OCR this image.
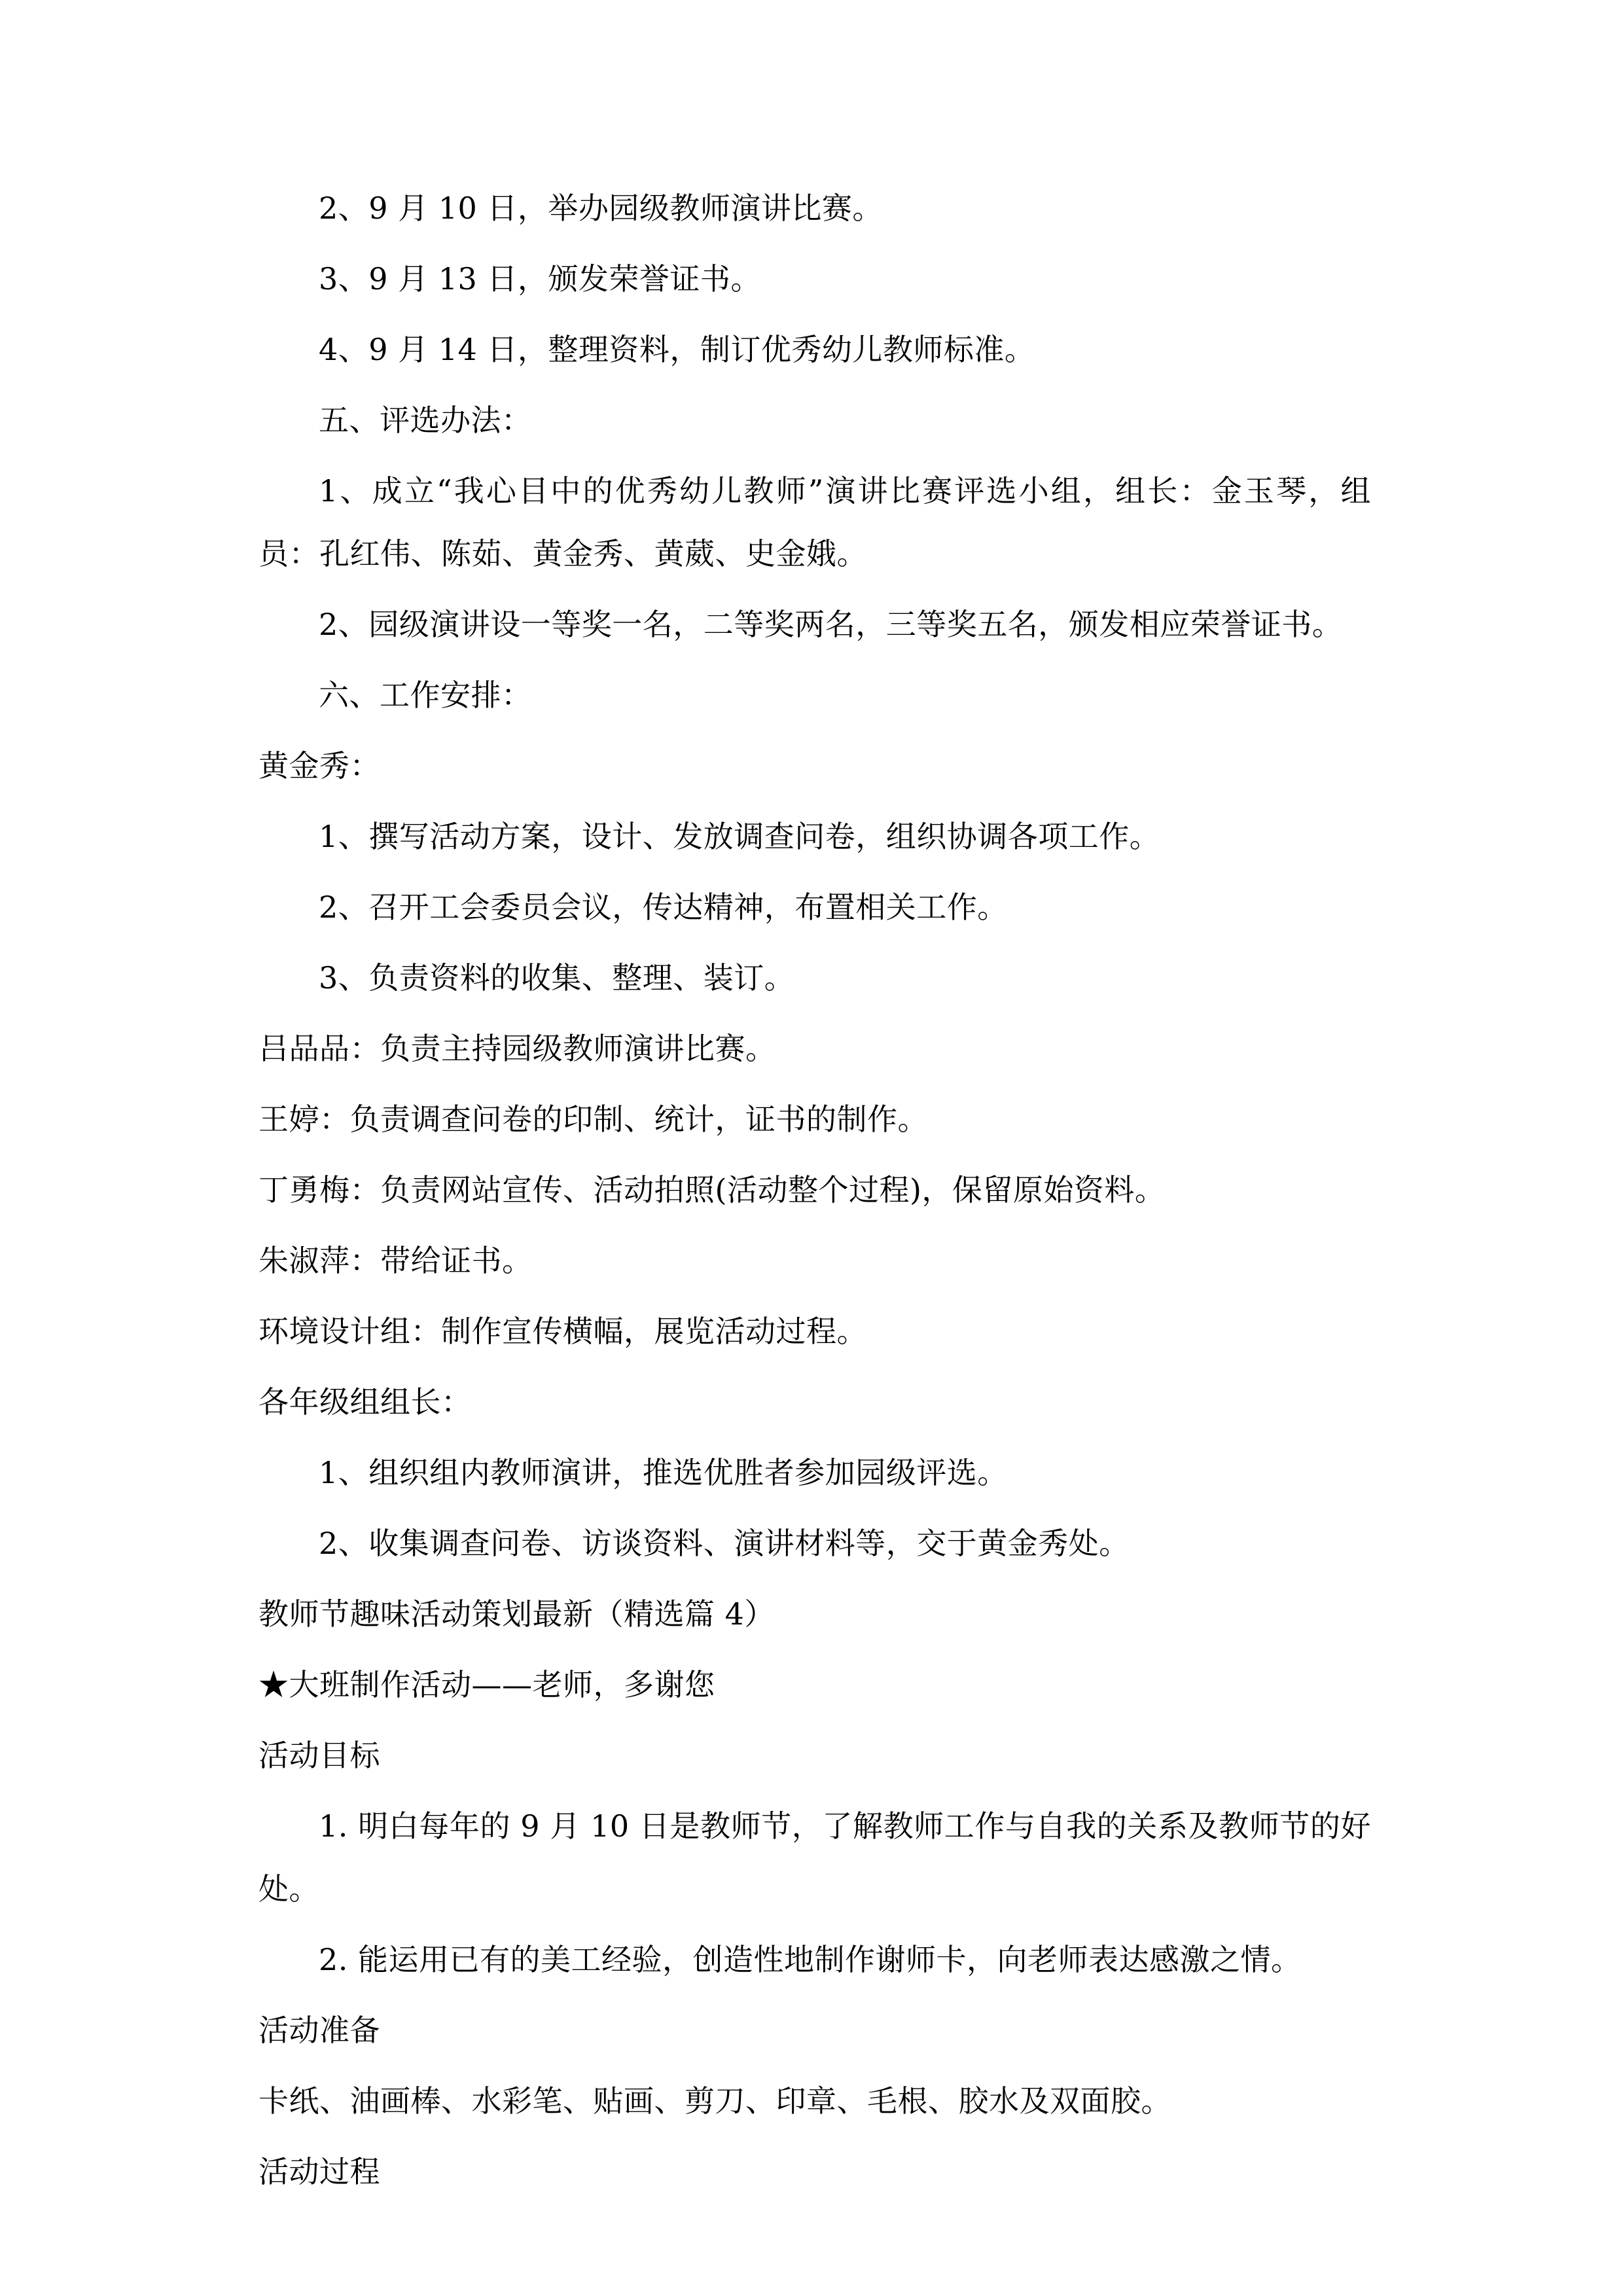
2、9 月 10 日，举办园级教师演讲比赛。

3、9 月 13 日，颁发荣誉证书。

4、9 月 14 日，整理资料，制订优秀幼儿教师标准。

五、评选办法：

1、成立“我心目中的优秀幼儿教师”演讲比赛评选小组，组长：金玉琴，组员：孔红伟、陈茹、黄金秀、黄葳、史金娥。

2、园级演讲设一等奖一名，二等奖两名，三等奖五名，颁发相应荣誉证书。

六、工作安排：

黄金秀：

1、撰写活动方案，设计、发放调查问卷，组织协调各项工作。

2、召开工会委员会议，传达精神，布置相关工作。

3、负责资料的收集、整理、装订。

吕品品：负责主持园级教师演讲比赛。

王婷：负责调查问卷的印制、统计，证书的制作。

丁勇梅：负责网站宣传、活动拍照(活动整个过程)，保留原始资料。

朱淑萍：带给证书。

环境设计组：制作宣传横幅，展览活动过程。

各年级组组长：

1、组织组内教师演讲，推选优胜者参加园级评选。

2、收集调查问卷、访谈资料、演讲材料等，交于黄金秀处。

教师节趣味活动策划最新（精选篇 4）

★大班制作活动——老师，多谢您

活动目标

1. 明白每年的 9 月 10 日是教师节，了解教师工作与自我的关系及教师节的好处。

2. 能运用已有的美工经验，创造性地制作谢师卡，向老师表达感激之情。

活动准备

卡纸、油画棒、水彩笔、贴画、剪刀、印章、毛根、胶水及双面胶。

活动过程
